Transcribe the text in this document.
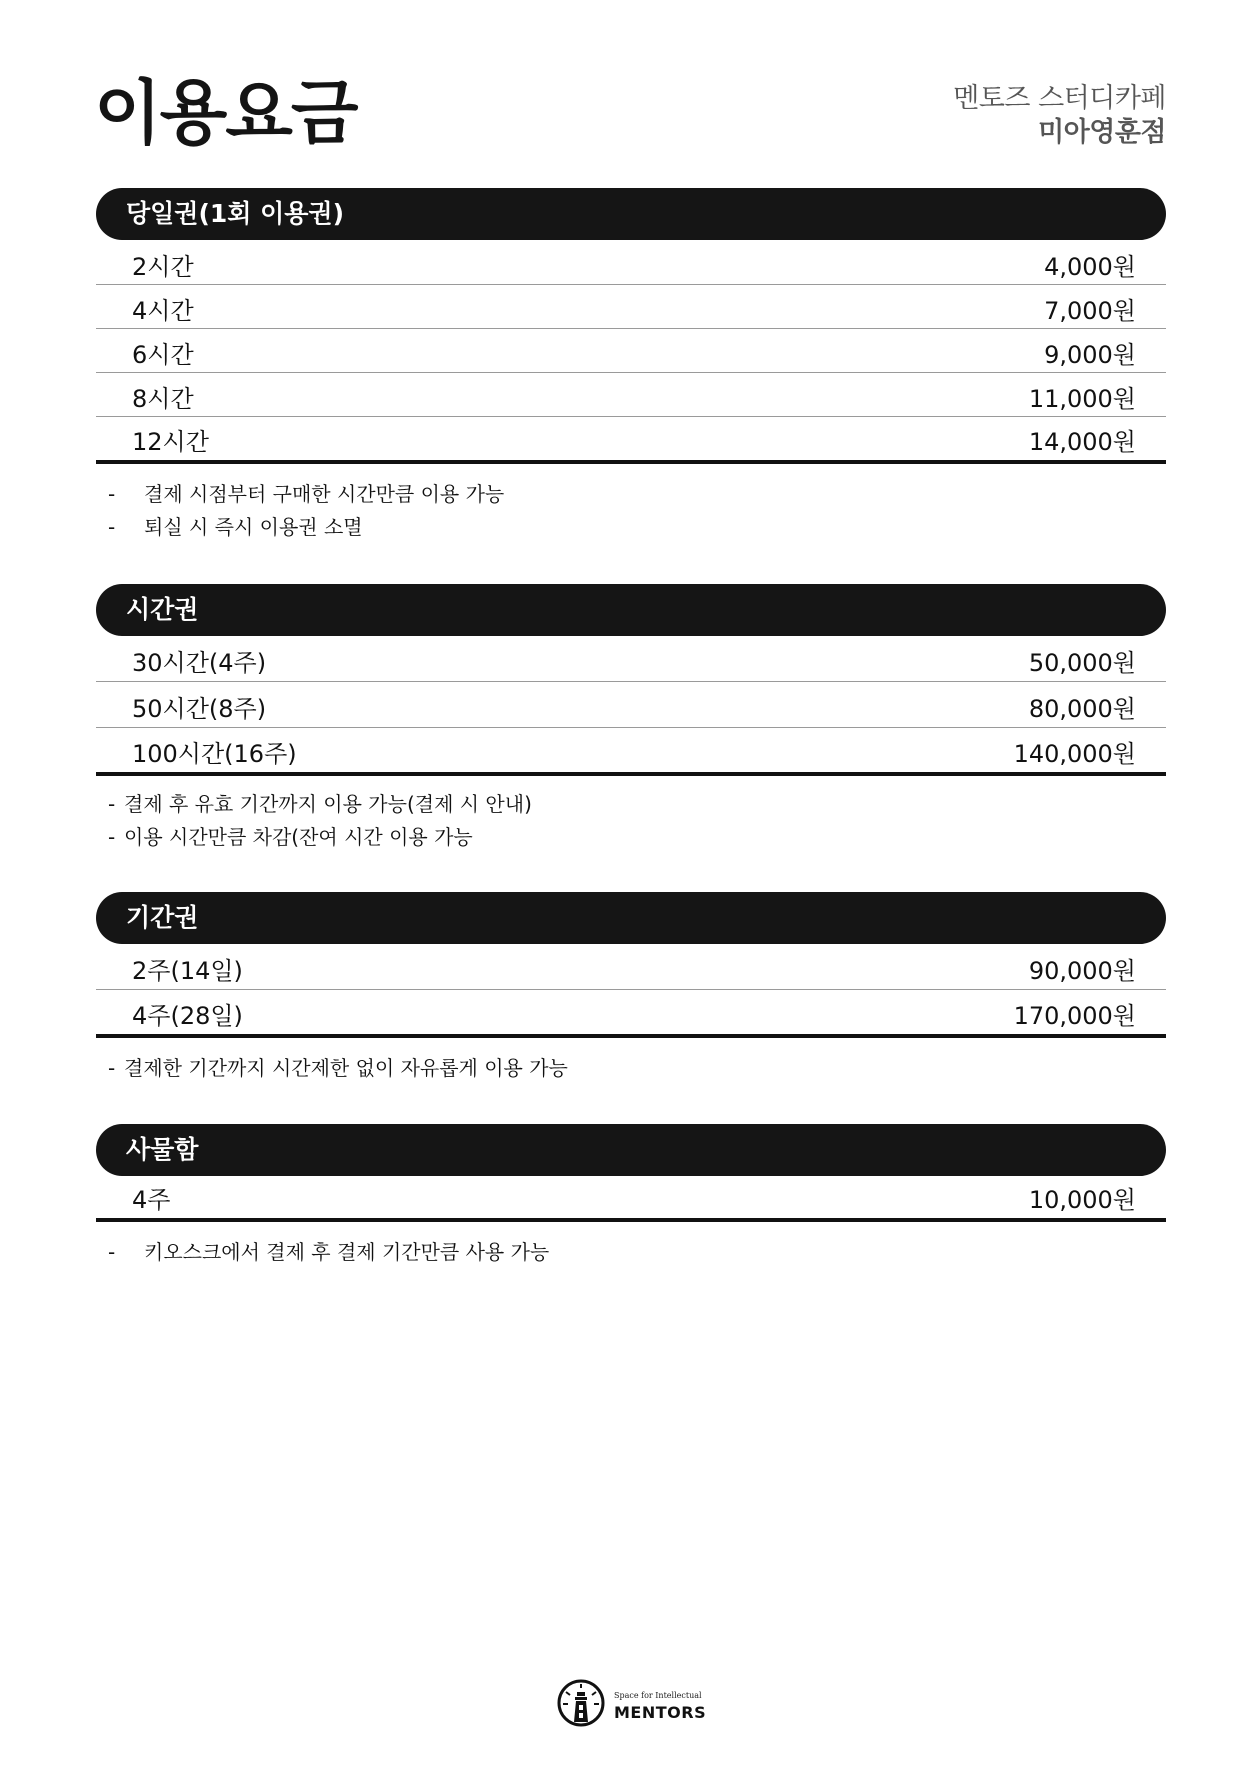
이용요금	멘토즈 스터디카페
미아영훈점
당일권(1회 이용권)
2시간	4,000원
4시간	7,000원
6시간	9,000원
8시간	11,000원
12시간	14,000원
- 결제 시점부터 구매한 시간만큼 이용 가능
- 퇴실 시 즉시 이용권 소멸
시간권
30시간(4주)	50,000원
50시간(8주)	80,000원
100시간(16주)	140,000원
- 결제 후 유효 기간까지 이용 가능(결제 시 안내)
- 이용 시간만큼 차감(잔여 시간 이용 가능
기간권
2주(14일)	90,000원
4주(28일)	170,000원
- 결제한 기간까지 시간제한 없이 자유롭게 이용 가능
사물함
4주	10,000원
- 키오스크에서 결제 후 결제 기간만큼 사용 가능
Space for Intellectual
MENTORS
